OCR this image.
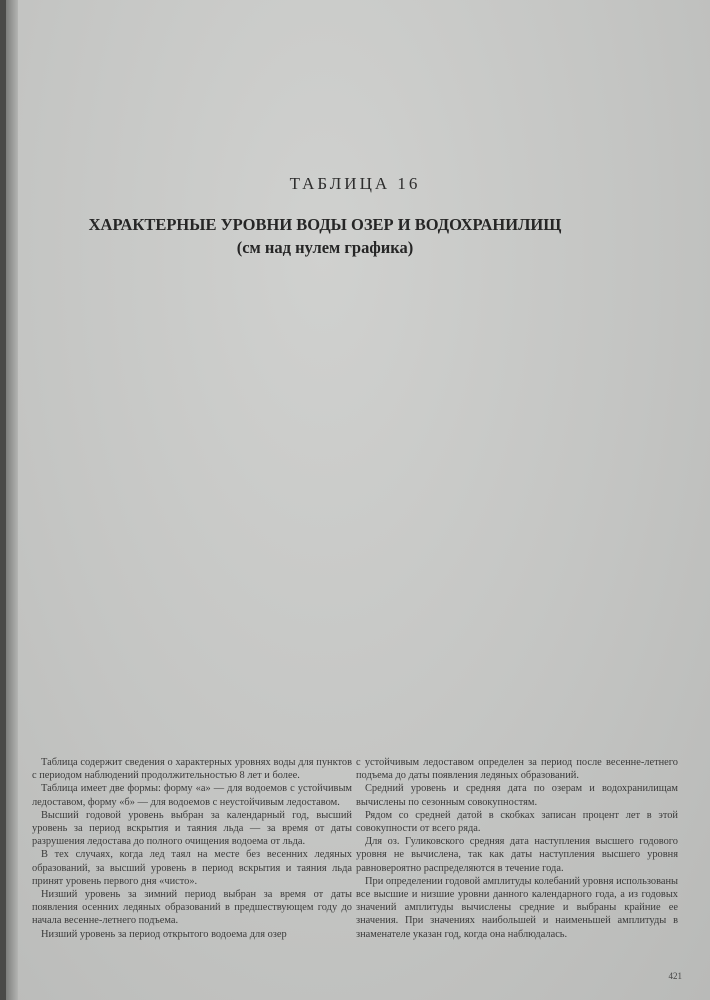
ТАБЛИЦА 16
ХАРАКТЕРНЫЕ УРОВНИ ВОДЫ ОЗЕР И ВОДОХРАНИЛИЩ
(см над нулем графика)

Таблица содержит сведения о характерных уровнях воды для пунктов с периодом наблюдений продолжительностью 8 лет и более.

Таблица имеет две формы: форму «а» — для водоемов с устойчивым ледоставом, форму «б» — для водоемов с неустойчивым ледоставом.

Высший годовой уровень выбран за календарный год, высший уровень за период вскрытия и таяния льда — за время от даты разрушения ледостава до полного очищения водоема от льда.

В тех случаях, когда лед таял на месте без весенних ледяных образований, за высший уровень в период вскрытия и таяния льда принят уровень первого дня «чисто».

Низший уровень за зимний период выбран за время от даты появления осенних ледяных образований в предшествующем году до начала весенне-летнего подъема.

Низший уровень за период открытого водоема для озер

с устойчивым ледоставом определен за период после весенне-летнего подъема до даты появления ледяных образований.

Средний уровень и средняя дата по озерам и водохранилищам вычислены по сезонным совокупностям.

Рядом со средней датой в скобках записан процент лет в этой совокупности от всего ряда.

Для оз. Гуликовского средняя дата наступления высшего годового уровня не вычислена, так как даты наступления высшего уровня равновероятно распределяются в течение года.

При определении годовой амплитуды колебаний уровня использованы все высшие и низшие уровни данного календарного года, а из годовых значений амплитуды вычислены средние и выбраны крайние ее значения. При значениях наибольшей и наименьшей амплитуды в знаменателе указан год, когда она наблюдалась.

421
